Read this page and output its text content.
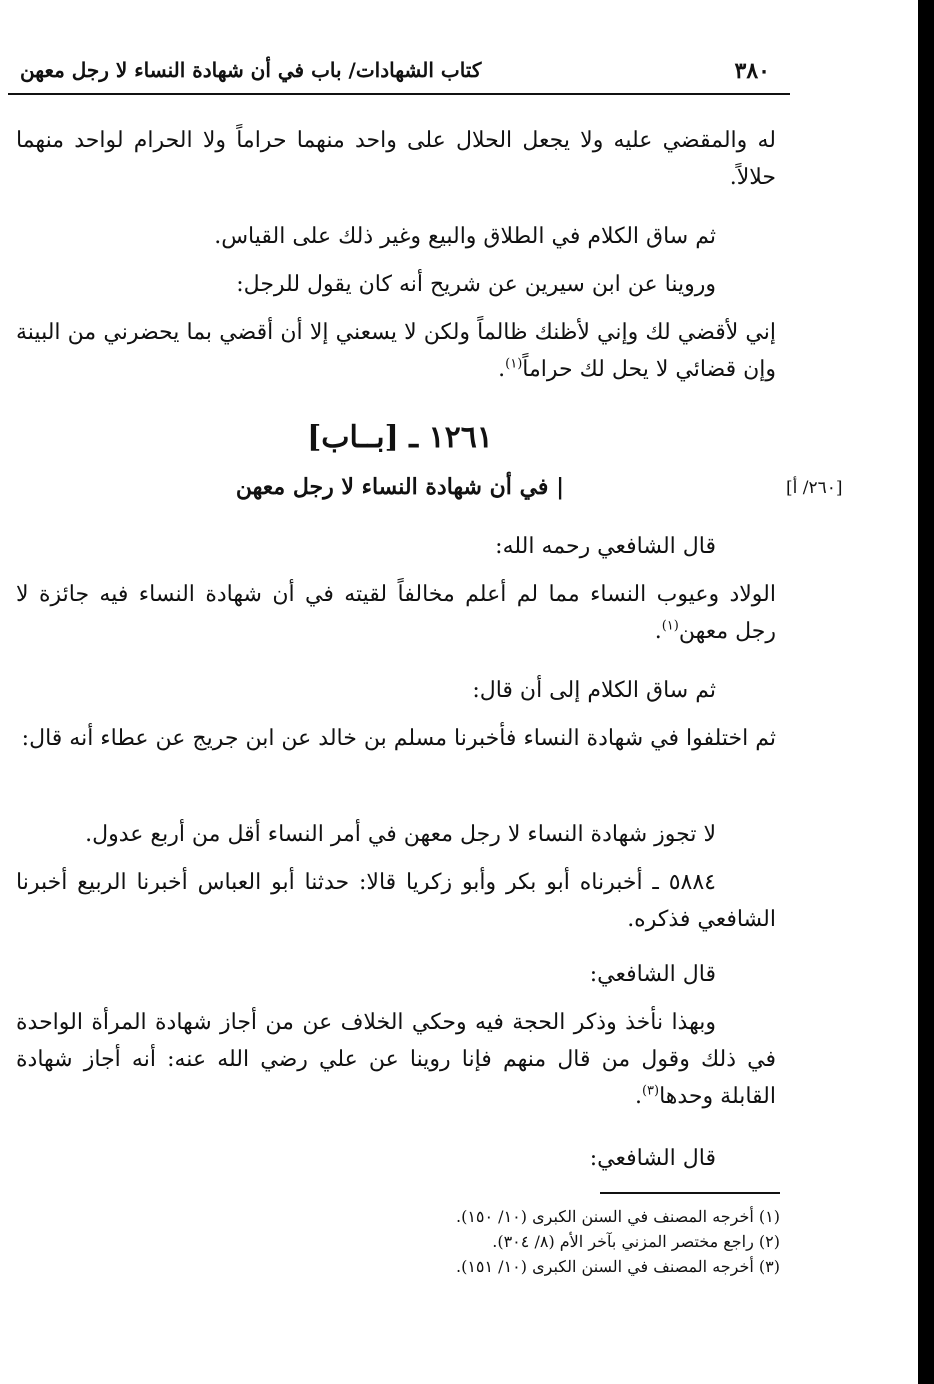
٣٨٠
كتاب الشهادات/ باب في أن شهادة النساء لا رجل معهن
له والمقضي عليه ولا يجعل الحلال على واحد منهما حراماً ولا الحرام لواحد منهما حلالاً.
ثم ساق الكلام في الطلاق والبيع وغير ذلك على القياس.
وروينا عن ابن سيرين عن شريح أنه كان يقول للرجل:
إني لأقضي لك وإني لأظنك ظالماً ولكن لا يسعني إلا أن أقضي بما يحضرني من البينة وإن قضائي لا يحل لك حراماً$^{(١)}$.
١٢٦١ ـ [بــاب]
| في أن شهادة النساء لا رجل معهن	[٢٦٠/ أ]
قال الشافعي رحمه الله:
الولاد وعيوب النساء مما لم أعلم مخالفاً لقيته في أن شهادة النساء فيه جائزة لا رجل معهن$^{(١)}$.
ثم ساق الكلام إلى أن قال:
ثم اختلفوا في شهادة النساء فأخبرنا مسلم بن خالد عن ابن جريج عن عطاء أنه قال:
لا تجوز شهادة النساء لا رجل معهن في أمر النساء أقل من أربع عدول.
٥٨٨٤ ـ أخبرناه أبو بكر وأبو زكريا قالا: حدثنا أبو العباس أخبرنا الربيع أخبرنا الشافعي فذكره.
قال الشافعي:
وبهذا نأخذ وذكر الحجة فيه وحكي الخلاف عن من أجاز شهادة المرأة الواحدة في ذلك وقول من قال منهم فإنا روينا عن علي رضي الله عنه: أنه أجاز شهادة القابلة وحدها$^{(٣)}$.
قال الشافعي:
(١) أخرجه المصنف في السنن الكبرى (١٠/ ١٥٠).
(٢) راجع مختصر المزني بآخر الأم (٨/ ٣٠٤).
(٣) أخرجه المصنف في السنن الكبرى (١٠/ ١٥١).
